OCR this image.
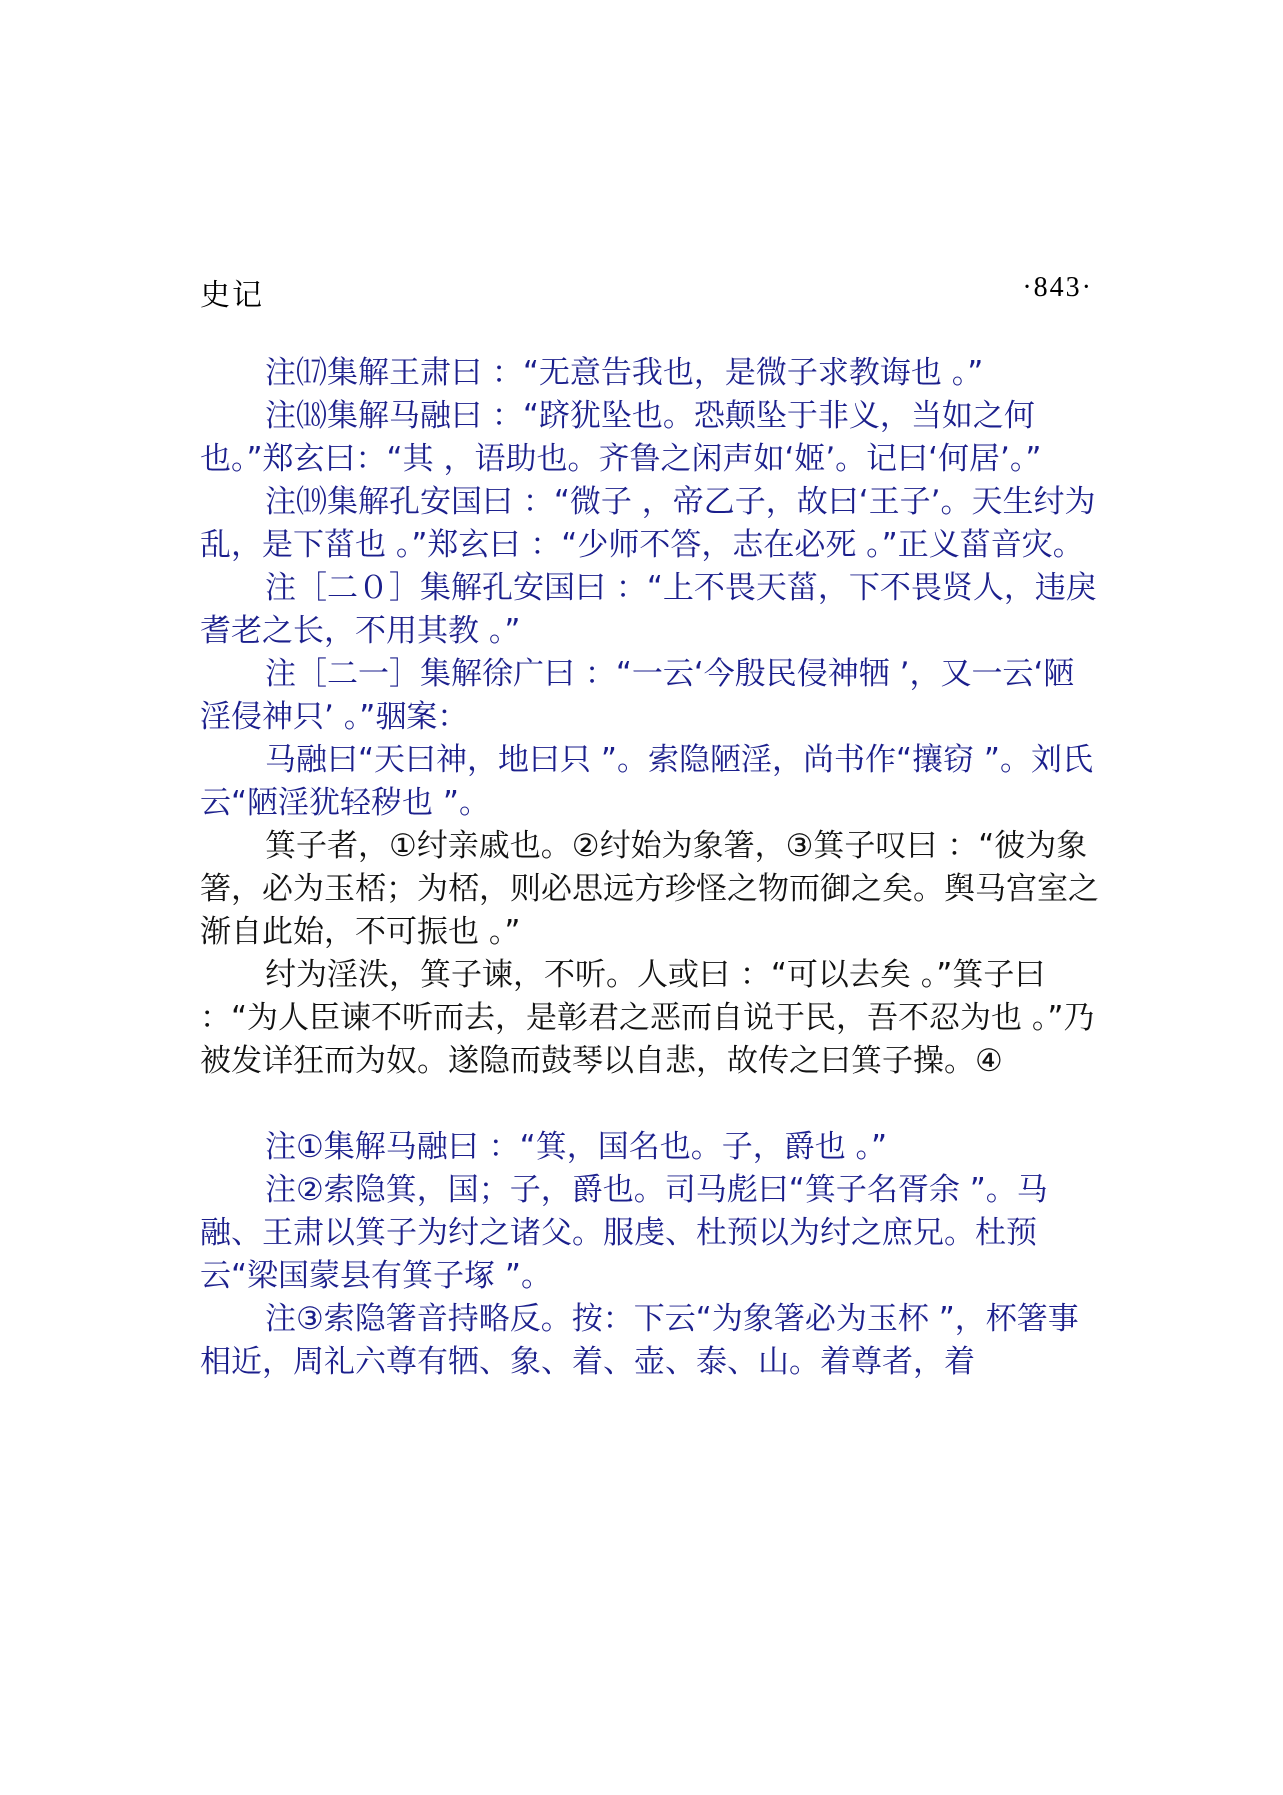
史记	·843·

注⒄集解王肃曰 ：“无意告我也，是微子求教诲也 。”

注⒅集解马融曰 ：“跻犹坠也。恐颠坠于非义，当如之何也。”郑玄曰：“其 ，语助也。齐鲁之闲声如‘姬’。记曰‘何居’。”

注⒆集解孔安国曰 ：“微子 ，帝乙子，故曰‘王子’。天生纣为乱，是下菑也 。”郑玄曰 ：“少师不答，志在必死 。”正义菑音灾。

注［二０］集解孔安国曰 ：“上不畏天菑，下不畏贤人，违戾耆老之长，不用其教 。”

注［二一］集解徐广曰 ：“一云‘今殷民侵神牺 ’，又一云‘陋淫侵神只’ 。”骃案：

马融曰“天曰神，地曰只 ”。索隐陋淫，尚书作“攘窃 ”。刘氏云“陋淫犹轻秽也 ”。

箕子者，①纣亲戚也。②纣始为象箸，③箕子叹曰 ：“彼为象箸，必为玉桮；为桮，则必思远方珍怪之物而御之矣。舆马宫室之渐自此始，不可振也 。”

纣为淫泆，箕子谏，不听。人或曰 ：“可以去矣 。”箕子曰 ：“为人臣谏不听而去，是彰君之恶而自说于民，吾不忍为也 。”乃被发详狂而为奴。遂隐而鼓琴以自悲，故传之曰箕子操。④

注①集解马融曰 ：“箕，国名也。子，爵也 。”

注②索隐箕，国；子，爵也。司马彪曰“箕子名胥余 ”。马融、王肃以箕子为纣之诸父。服虔、杜预以为纣之庶兄。杜预云“梁国蒙县有箕子塚 ”。

注③索隐箸音持略反。按：下云“为象箸必为玉杯 ”，杯箸事相近，周礼六尊有牺、象、着、壶、泰、山。着尊者，着
